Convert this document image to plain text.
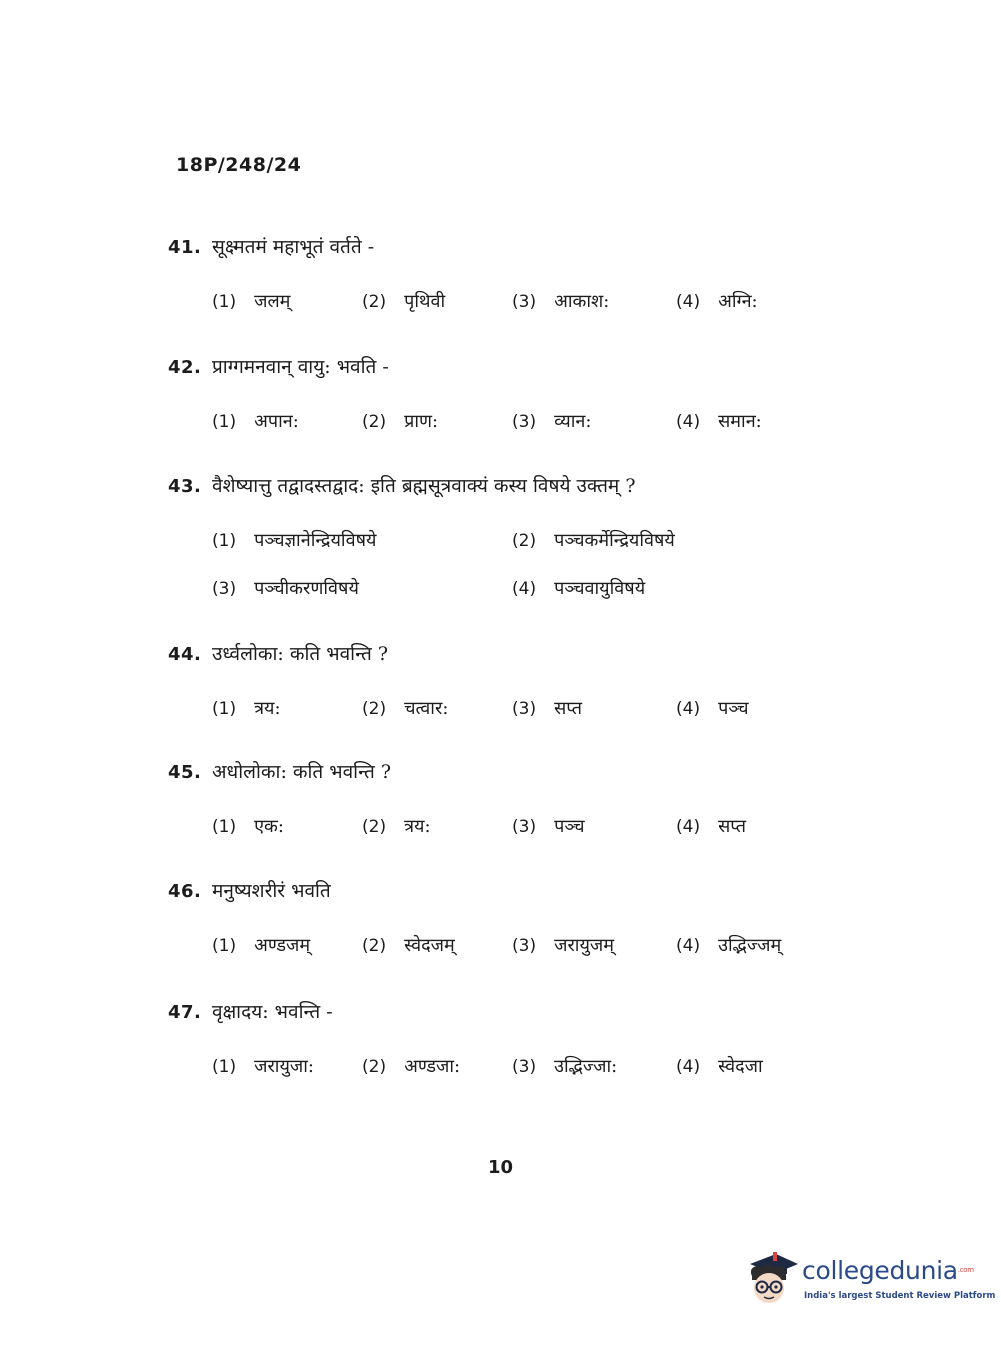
18P/248/24
41. सूक्ष्मतमं महाभूतं वर्तते -
(1) जलम्	(2) पृथिवी	(3) आकाश:	(4) अग्नि:
42. प्राग्गमनवान् वायु: भवति -
(1) अपान:	(2) प्राण:	(3) व्यान:	(4) समान:
43. वैशेष्यात्तु तद्वादस्तद्वाद: इति ब्रह्मसूत्रवाक्यं कस्य विषये उक्तम् ?
(1) पञ्चज्ञानेन्द्रियविषये	(2) पञ्चकर्मेन्द्रियविषये
(3) पञ्चीकरणविषये	(4) पञ्चवायुविषये
44. उर्ध्वलोका: कति भवन्ति ?
(1) त्रय:	(2) चत्वार:	(3) सप्त	(4) पञ्च
45. अधोलोका: कति भवन्ति ?
(1) एक:	(2) त्रय:	(3) पञ्च	(4) सप्त
46. मनुष्यशरीरं भवति
(1) अण्डजम्	(2) स्वेदजम्	(3) जरायुजम्	(4) उद्भिज्जम्
47. वृक्षादय: भवन्ति -
(1) जरायुजा:	(2) अण्डजा:	(3) उद्भिज्जा:	(4) स्वेदजा
10
collegedunia$^{.com}$
India's largest Student Review Platform
